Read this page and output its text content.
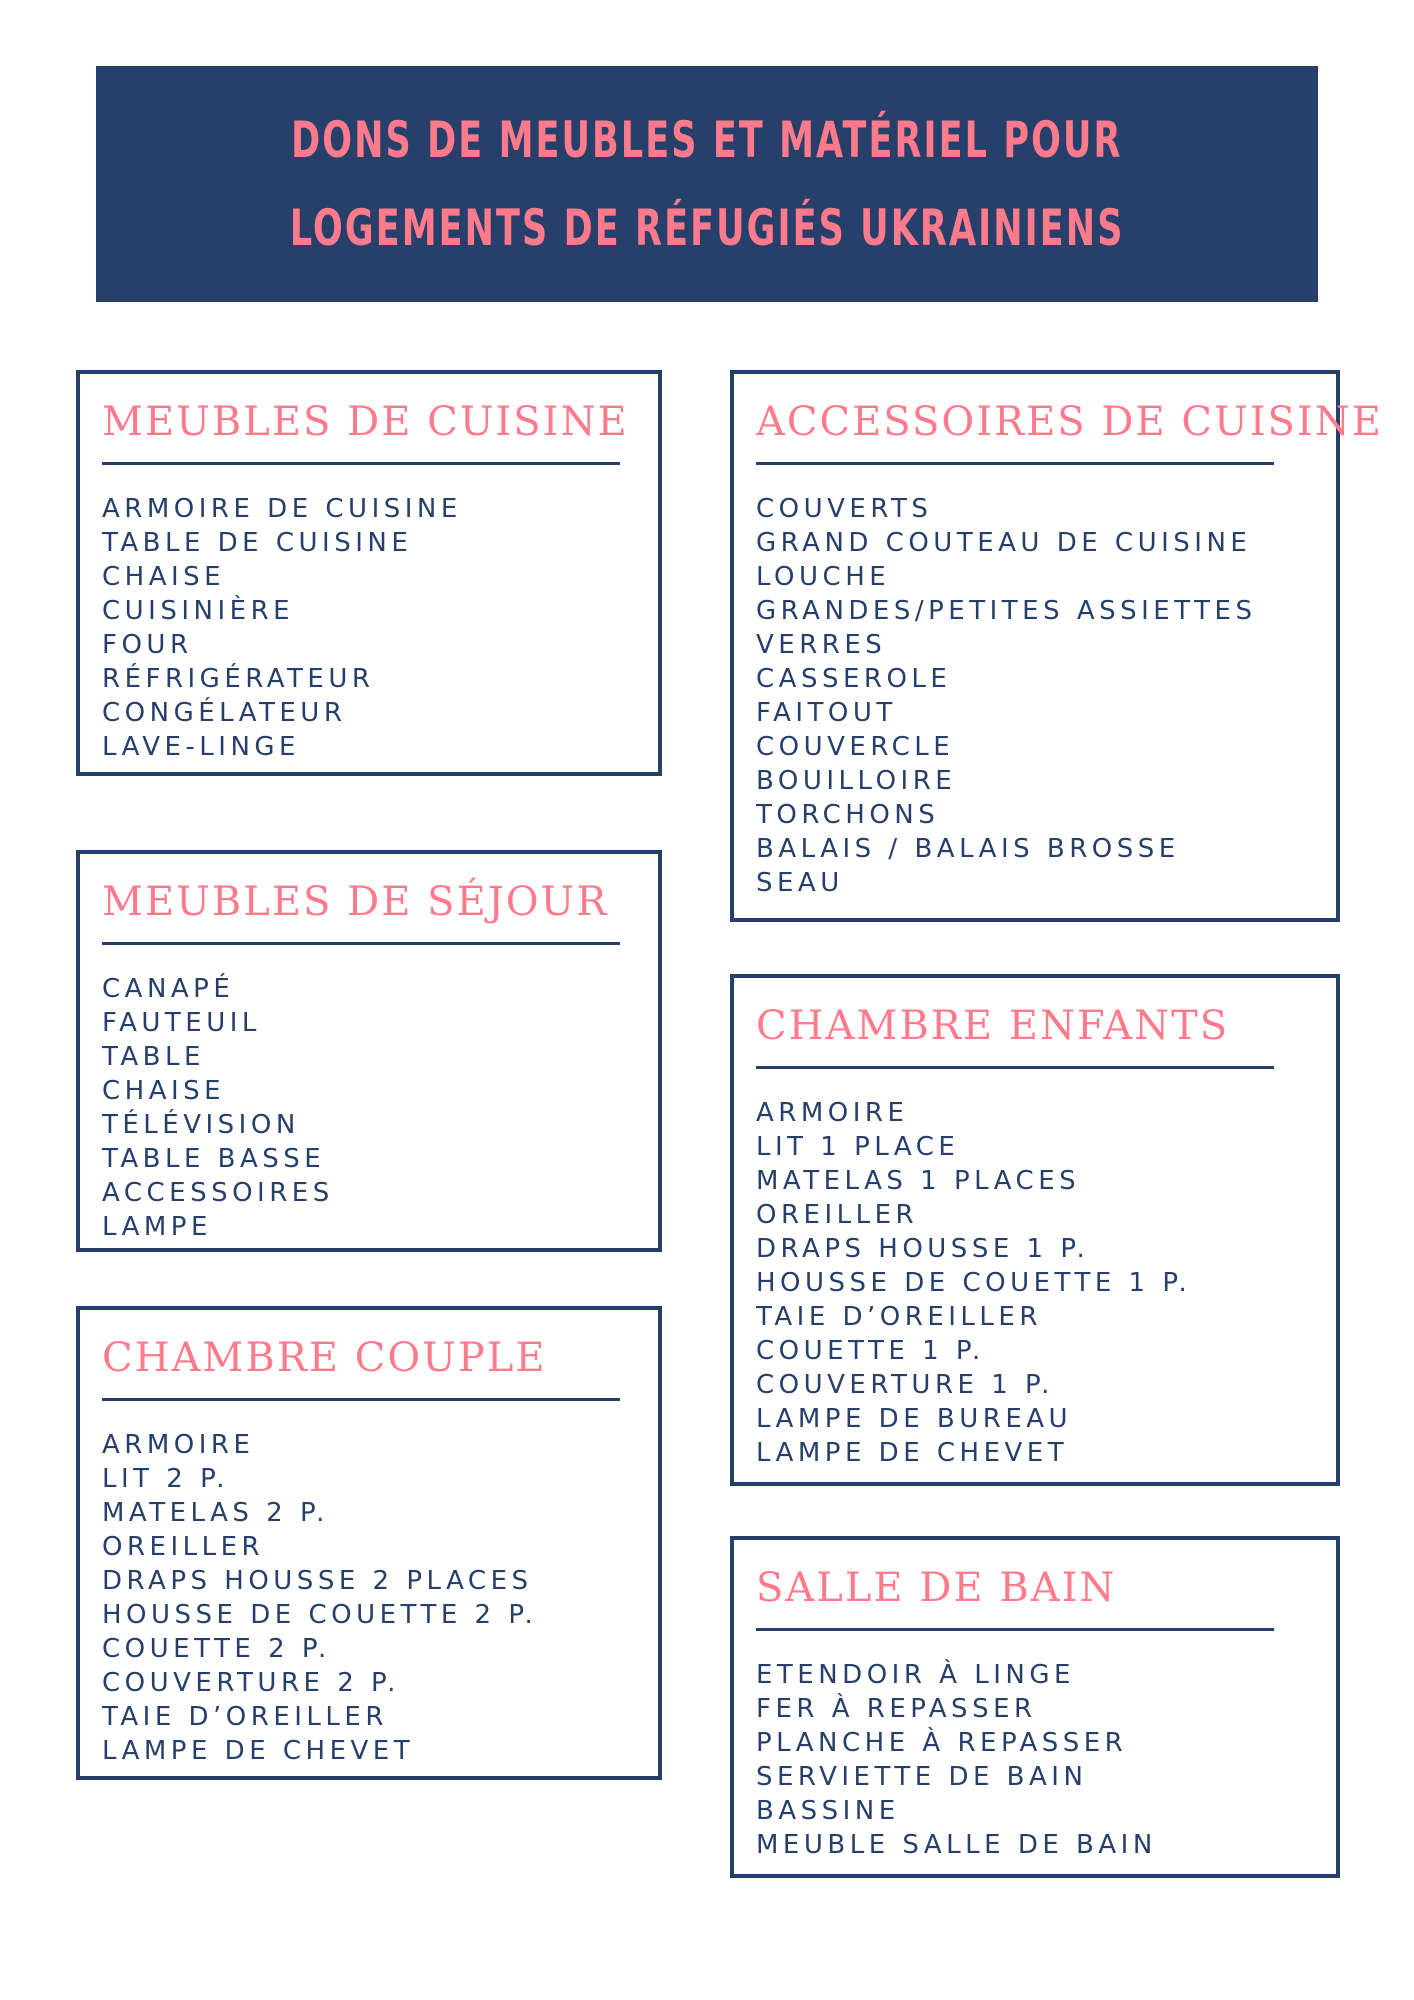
DONS DE MEUBLES ET MATÉRIEL POUR
LOGEMENTS DE RÉFUGIÉS UKRAINIENS
MEUBLES DE CUISINE
ARMOIRE DE CUISINE
TABLE DE CUISINE
CHAISE
CUISINIÈRE
FOUR
RÉFRIGÉRATEUR
CONGÉLATEUR
LAVE-LINGE
MEUBLES DE SÉJOUR
CANAPÉ
FAUTEUIL
TABLE
CHAISE
TÉLÉVISION
TABLE BASSE
ACCESSOIRES
LAMPE
CHAMBRE COUPLE
ARMOIRE
LIT 2 P.
MATELAS 2 P.
OREILLER
DRAPS HOUSSE 2 PLACES
HOUSSE DE COUETTE 2 P.
COUETTE 2 P.
COUVERTURE 2 P.
TAIE D’OREILLER
LAMPE DE CHEVET
ACCESSOIRES DE CUISINE
COUVERTS
GRAND COUTEAU DE CUISINE
LOUCHE
GRANDES/PETITES ASSIETTES
VERRES
CASSEROLE
FAITOUT
COUVERCLE
BOUILLOIRE
TORCHONS
BALAIS / BALAIS BROSSE
SEAU
CHAMBRE ENFANTS
ARMOIRE
LIT 1 PLACE
MATELAS 1 PLACES
OREILLER
DRAPS HOUSSE 1 P.
HOUSSE DE COUETTE 1 P.
TAIE D’OREILLER
COUETTE 1 P.
COUVERTURE 1 P.
LAMPE DE BUREAU
LAMPE DE CHEVET
SALLE DE BAIN
ETENDOIR À LINGE
FER À REPASSER
PLANCHE À REPASSER
SERVIETTE DE BAIN
BASSINE
MEUBLE SALLE DE BAIN
